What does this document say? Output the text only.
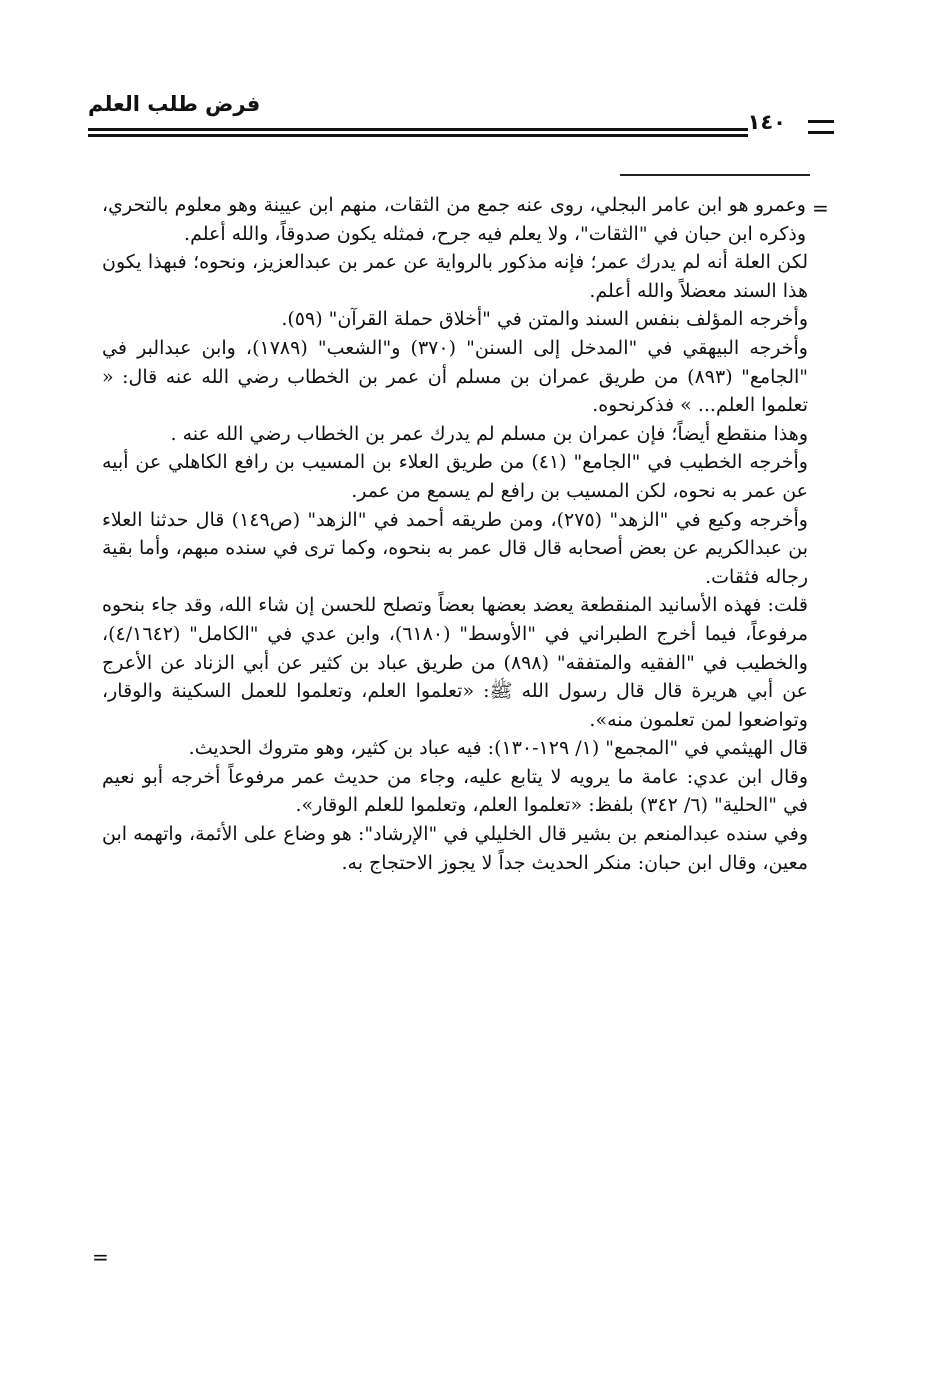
فرض طلب العلم
١٤٠
=

وعمرو هو ابن عامر البجلي، روى عنه جمع من الثقات، منهم ابن عيينة وهو معلوم بالتحري، وذكره ابن حبان في "الثقات"، ولا يعلم فيه جرح، فمثله يكون صدوقاً، والله أعلم.

لكن العلة أنه لم يدرك عمر؛ فإنه مذكور بالرواية عن عمر بن عبدالعزيز، ونحوه؛ فبهذا يكون هذا السند معضلاً والله أعلم.

وأخرجه المؤلف بنفس السند والمتن في "أخلاق حملة القرآن" (٥٩).

وأخرجه البيهقي في "المدخل إلى السنن" (٣٧٠) و"الشعب" (١٧٨٩)، وابن عبدالبر في "الجامع" (٨٩٣) من طريق عمران بن مسلم أن عمر بن الخطاب رضي الله عنه قال: « تعلموا العلم... » فذكرنحوه.

وهذا منقطع أيضاً؛ فإن عمران بن مسلم لم يدرك عمر بن الخطاب رضي الله عنه .

وأخرجه الخطيب في "الجامع" (٤١) من طريق العلاء بن المسيب بن رافع الكاهلي عن أبيه عن عمر به نحوه، لكن المسيب بن رافع لم يسمع من عمر.

وأخرجه وكيع في "الزهد" (٢٧٥)، ومن طريقه أحمد في "الزهد" (ص١٤٩) قال حدثنا العلاء بن عبدالكريم عن بعض أصحابه قال قال عمر به بنحوه، وكما ترى في سنده مبهم، وأما بقية رجاله فثقات.

قلت: فهذه الأسانيد المنقطعة يعضد بعضها بعضاً وتصلح للحسن إن شاء الله، وقد جاء بنحوه مرفوعاً، فيما أخرج الطبراني في "الأوسط" (٦١٨٠)، وابن عدي في "الكامل" (٤/١٦٤٢)، والخطيب في "الفقيه والمتفقه" (٨٩٨) من طريق عباد بن كثير عن أبي الزناد عن الأعرج عن أبي هريرة قال قال رسول الله ﷺ: «تعلموا العلم، وتعلموا للعمل السكينة والوقار، وتواضعوا لمن تعلمون منه».

قال الهيثمي في "المجمع" (١/ ١٢٩-١٣٠): فيه عباد بن كثير، وهو متروك الحديث.

وقال ابن عدي: عامة ما يرويه لا يتابع عليه، وجاء من حديث عمر مرفوعاً أخرجه أبو نعيم في "الحلية" (٦/ ٣٤٢) بلفظ: «تعلموا العلم، وتعلموا للعلم الوقار».

وفي سنده عبدالمنعم بن بشير قال الخليلي في "الإرشاد": هو وضاع على الأئمة، واتهمه ابن معين، وقال ابن حبان: منكر الحديث جداً لا يجوز الاحتجاج به.

=
